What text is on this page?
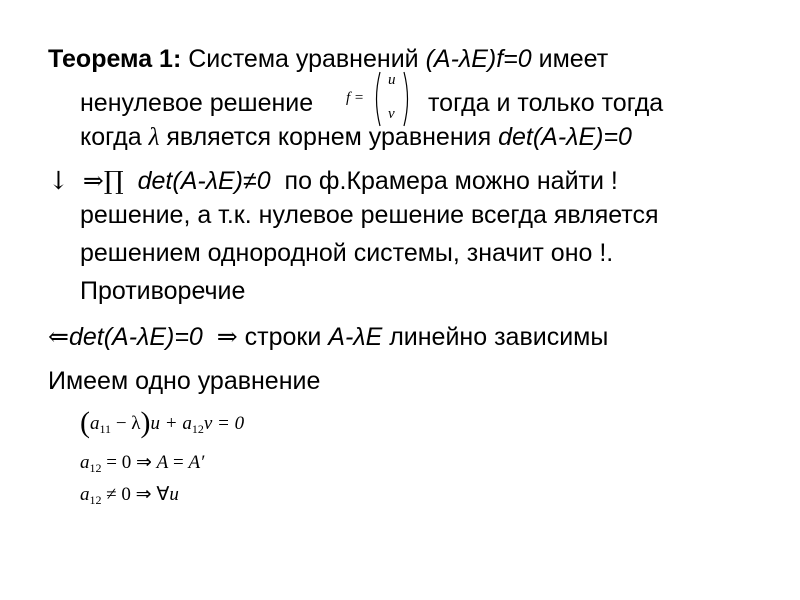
Теорема 1: Система уравнений (A-λE)f=0 имеет
ненулевое решение f =
u
v тогда и только тогда
когда λ является корнем уравнения det(A-λE)=0
↓ ⇒∏ det(A-λE)≠0 по ф.Крамера можно найти !
решение, а т.к. нулевое решение всегда является
решением однородной системы, значит оно !.
Противоречие
⇐det(A-λE)=0 ⇒ строки A-λE линейно зависимы
Имеем одно уравнение
$(a_{11} - \lambda)u + a_{12}v = 0$
$a_{12} = 0$ ⇒ A = A′
$a_{12} \ne 0$ ⇒ ∀u
